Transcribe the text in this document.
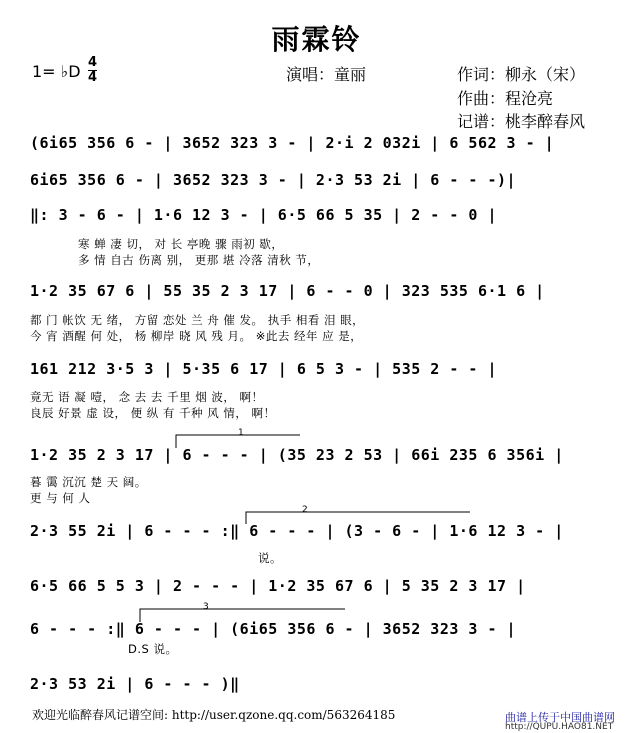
雨霖铃
1= ♭D 4
4	演唱：童丽	作词：柳永（宋）
作曲：程沧亮
记谱：桃李醉春风
(6i65 356 6 - | 3652 323 3 - | 2·i 2 032i | 6 562 3 - |
6i65 356 6 - | 3652 323 3 - | 2·3 53 2i | 6 - - -)|
‖: 3 - 6 - | 1·6 12 3 - | 6·5 66 5 35 | 2 - - 0 |
寒 蝉 凄 切， 对 长 亭晚 骤 雨初 歇，
多 情 自古 伤离 别， 更那 堪 冷落 清秋 节，
1·2 35 67 6 | 55 35 2 3 17 | 6 - - 0 | 323 535 6·1 6 |
都 门 帐饮 无 绪， 方留 恋处 兰 舟 催 发。 执手 相看 泪 眼，
今 宵 酒醒 何 处， 杨 柳岸 晓 风 残 月。 ※此去 经年 应 是，
161 212 3·5 3 | 5·35 6 17 | 6 5 3 - | 535 2 - - |
竟无 语 凝 噎， 念 去 去 千里 烟 波， 啊！
良辰 好景 虚 设， 便 纵 有 千种 风 情， 啊！
1·2 35 2 3 17 | 6 - - - | (35 23 2 53 | 66i 235 6 356i |
暮 霭 沉沉 楚 天 阔。
更 与 何 人
2·3 55 2i | 6 - - - :‖ 6 - - - | (3 - 6 - | 1·6 12 3 - |
说。
6·5 66 5 5 3 | 2 - - - | 1·2 35 67 6 | 5 35 2 3 17 |
6 - - - :‖ 6 - - - | (6i65 356 6 - | 3652 323 3 - |
D.S 说。
2·3 53 2i | 6 - - - )‖
1
2
3
欢迎光临醉春风记谱空间: http://user.qzone.qq.com/563264185	曲谱上传于中国曲谱网
http://QUPU.HAO81.NET
